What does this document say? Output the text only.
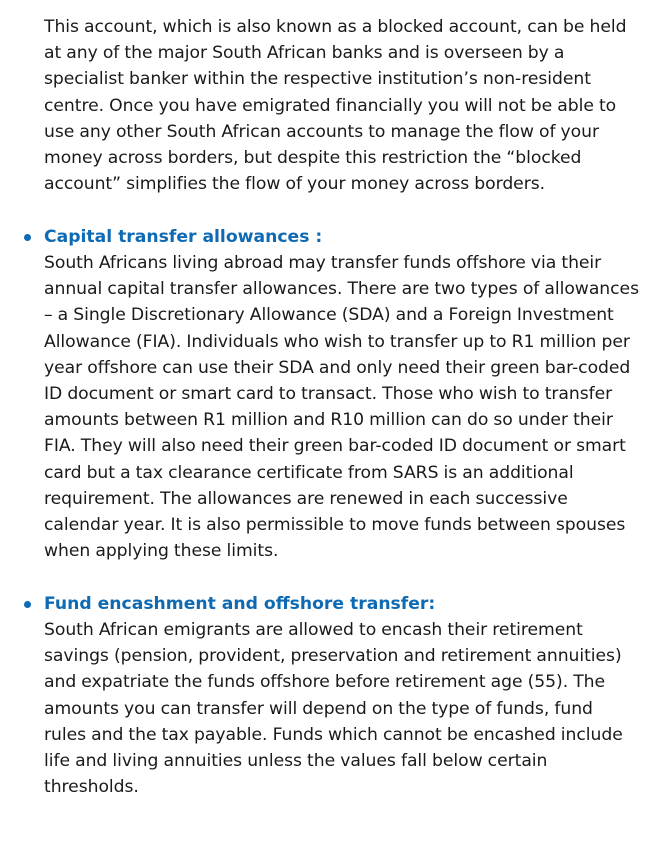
This account, which is also known as a blocked account, can be held at any of the major South African banks and is overseen by a specialist banker within the respective institution’s non-resident centre. Once you have emigrated financially you will not be able to use any other South African accounts to manage the flow of your money across borders, but despite this restriction the “blocked account” simplifies the flow of your money across borders.

Capital transfer allowances :

South Africans living abroad may transfer funds offshore via their annual capital transfer allowances. There are two types of allowances – a Single Discretionary Allowance (SDA) and a Foreign Investment Allowance (FIA). Individuals who wish to transfer up to R1 million per year offshore can use their SDA and only need their green bar-coded ID document or smart card to transact. Those who wish to transfer amounts between R1 million and R10 million can do so under their FIA. They will also need their green bar-coded ID document or smart card but a tax clearance certificate from SARS is an additional requirement. The allowances are renewed in each successive calendar year. It is also permissible to move funds between spouses when applying these limits.

Fund encashment and offshore transfer:

South African emigrants are allowed to encash their retirement savings (pension, provident, preservation and retirement annuities) and expatriate the funds offshore before retirement age (55). The amounts you can transfer will depend on the type of funds, fund rules and the tax payable. Funds which cannot be encashed include life and living annuities unless the values fall below certain thresholds.
